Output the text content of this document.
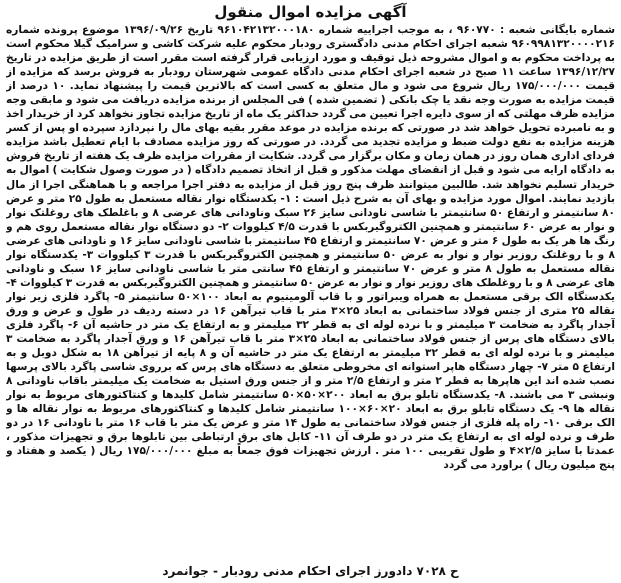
آگهی مزایده اموال منقول
شماره بایگانی شعبه : ۹۶۰۷۷۰ ، به موجب اجراییه شماره ۹۶۱۰۴۲۱۳۲۰۰۰۱۸۰ تاریخ ۱۳۹۶/۰۹/۲۶ موضوع پرونده شماره ۹۶۰۹۹۸۱۳۲۰۰۰۰۲۱۶ شعبه اجرای احکام مدنی دادگستری رودبار محکوم علیه شرکت کاشی و سرامیک گیلا محکوم است به پرداخت محکوم به و اموال مشروحه ذیل توقیف و مورد ارزیابی قرار گرفته است مقرر است از طریق مزایده در تاریخ ۱۳۹۶/۱۲/۲۷ ساعت ۱۱ صبح در شعبه اجرای احکام مدنی دادگاه عمومی شهرستان رودبار به فروش برسد که مزایده از قیمت ۱۷۵/۰۰۰/۰۰۰ ریال شروع می شود و مال متعلق به کسی است که بالاترین قیمت را پیشنهاد نماید. ۱۰ درصد از قیمت مزایده به صورت وجه نقد یا چک بانکی ( تضمین شده ) فی المجلس از برنده مزایده دریافت می شود و مابقی وجه مزایده ظرف مهلتی که از سوی دایره اجرا تعیین می گردد حداکثر یک ماه از تاریخ مزایده تجاوز نخواهد کرد از خریدار اخذ و به نامبرده تحویل خواهد شد در صورتی که برنده مزایده در موعد مقرر بقیه بهای مال را نپردازد سپرده او پس از کسر هزینه مزایده به نفع دولت ضبط و مزایده تجدید می گردد. در صورتی که روز مزایده مصادف با ایام تعطیل باشد مزایده فردای اداری همان روز در همان زمان و مکان برگزار می گردد. شکایت از مقررات مزایده ظرف یک هفته از تاریخ فروش به دادگاه ارایه می شود و قبل از انقضای مهلت مذکور و قبل از اتخاذ تصمیم دادگاه ( در صورت وصول شکایت ) اموال به خریدار تسلیم نخواهد شد. طالبین میتوانند ظرف پنج روز قبل از مزایده به دفتر اجرا مراجعه و با هماهنگی اجرا از مال بازدید نمایند. اموال مورد مزایده و بهای آن به شرح ذیل است : ۱- یکدستگاه نوار نقاله مستعمل به طول ۲۵ متر و عرض ۸۰ سانتیمتر و ارتفاع ۵۰ سانتیمتر با شاسی ناودانی سایز ۲۶ سبک وناودانی های عرضی ۸ و باغلطک های روغلتک نوار و نوار به عرض ۶۰ سانتیمتر و همچنین الکتروگیربکس با قدرت ۴/۵ کیلووات ۲- دو دستگاه نوار نقاله مستعمل روی هم و رنگ ها هر یک به طول ۶ متر و عرض ۷۰ سانتیمتر و ارتفاع ۴۵ سانتیمتر با شاسی ناودانی سایز ۱۶ و ناودانی های عرضی ۸ و با روغلتک روزیر نوار و نوار به عرض ۵۰ سانتیمتر و همچنین الکتروگیربکس با قدرت ۳ کیلووات ۳- یکدستگاه نوار نقاله مستعمل به طول ۸ متر و عرض ۷۰ سانتیمتر و ارتفاع ۴۵ سانتی متر با شاسی ناودانی سایز ۱۶ سبک و ناودانی های عرضی ۸ و با روغلطک های روزیر نوار و نوار به عرض ۵۰ سانتیمتر و همچنین الکتروگیربکس به قدرت ۳ کیلووات ۴- یکدستگاه الک برقی مستعمل به همراه ویبراتور و با قاب آلومینیوم به ابعاد ۱۰۰×۵۰ سانتیمتر ۵- پاگرد فلزی زیر نوار نقاله ۲۵ متری از جنس فولاد ساختمانی به ابعاد ۲۵×۳ متر با قاب تیرآهن ۱۶ در دسته ردیف در طول و عرض و ورق آجدار پاگرد به ضخامت ۳ میلیمتر و با نرده لوله ای به قطر ۳۲ میلیمتر و به ارتفاع یک متر در حاشیه آن ۶- پاگرد فلزی بالای دستگاه های پرس از جنس فولاد ساختمانی به ابعاد ۲۵×۳ متر با قاب تیرآهن ۱۶ و ورق آجدار پاگرد به ضخامت ۳ میلیمتر و با نرده لوله ای به قطر ۳۲ میلیمتر به ارتفاع یک متر در حاشیه آن و ۸ پایه از تیرآهن ۱۸ به شکل دوبل و به ارتفاع ۵ متر ۷- چهار دستگاه هاپر استوانه ای مخروطی متعلق به دستگاه های پرس که برروی شاسی پاگرد بالای پرسها نصب شده اند این هاپرها به قطر ۲ متر و ارتفاع ۲/۵ متر و از جنس ورق استیل به ضخامت یک میلیمتر باقاب ناودانی ۸ ونبشی ۳ می باشند. ۸- یکدستگاه تابلو برق به ابعاد ۲۰۰×۵۰×۵۰ سانتیمتر شامل کلیدها و کنتاکتورهای مربوط به نوار نقاله ها ۹- یک دستگاه تابلو برق به ابعاد ۲۰×۶۰×۱۰۰ سانتیمتر شامل کلیدها و کنتاکتورهای مربوط به نوار نقاله ها و الک برقی ۱۰- راه پله فلزی از جنس فولاد ساختمانی به طول ۱۴ متر و عرض یک متر با قاب ۱۶ متر با ناودانی ۱۶ در دو طرف و نرده لوله ای به ارتفاع یک متر در دو طرف آن ۱۱- کابل های برق ارتباطی بین تابلوها برق و تجهیزات مذکور ، عمدتا با سایز ۲/۵×۴ و طول تقریبی ۱۰۰ متر . ارزش تجهیزات فوق جمعاً به مبلغ ۱۷۵/۰۰۰/۰۰۰ ریال ( یکصد و هفتاد و پنج میلیون ریال ) براورد می گردد
ح ۷۰۲۸ دادورز اجرای احکام مدنی رودبار - جوانمرد
